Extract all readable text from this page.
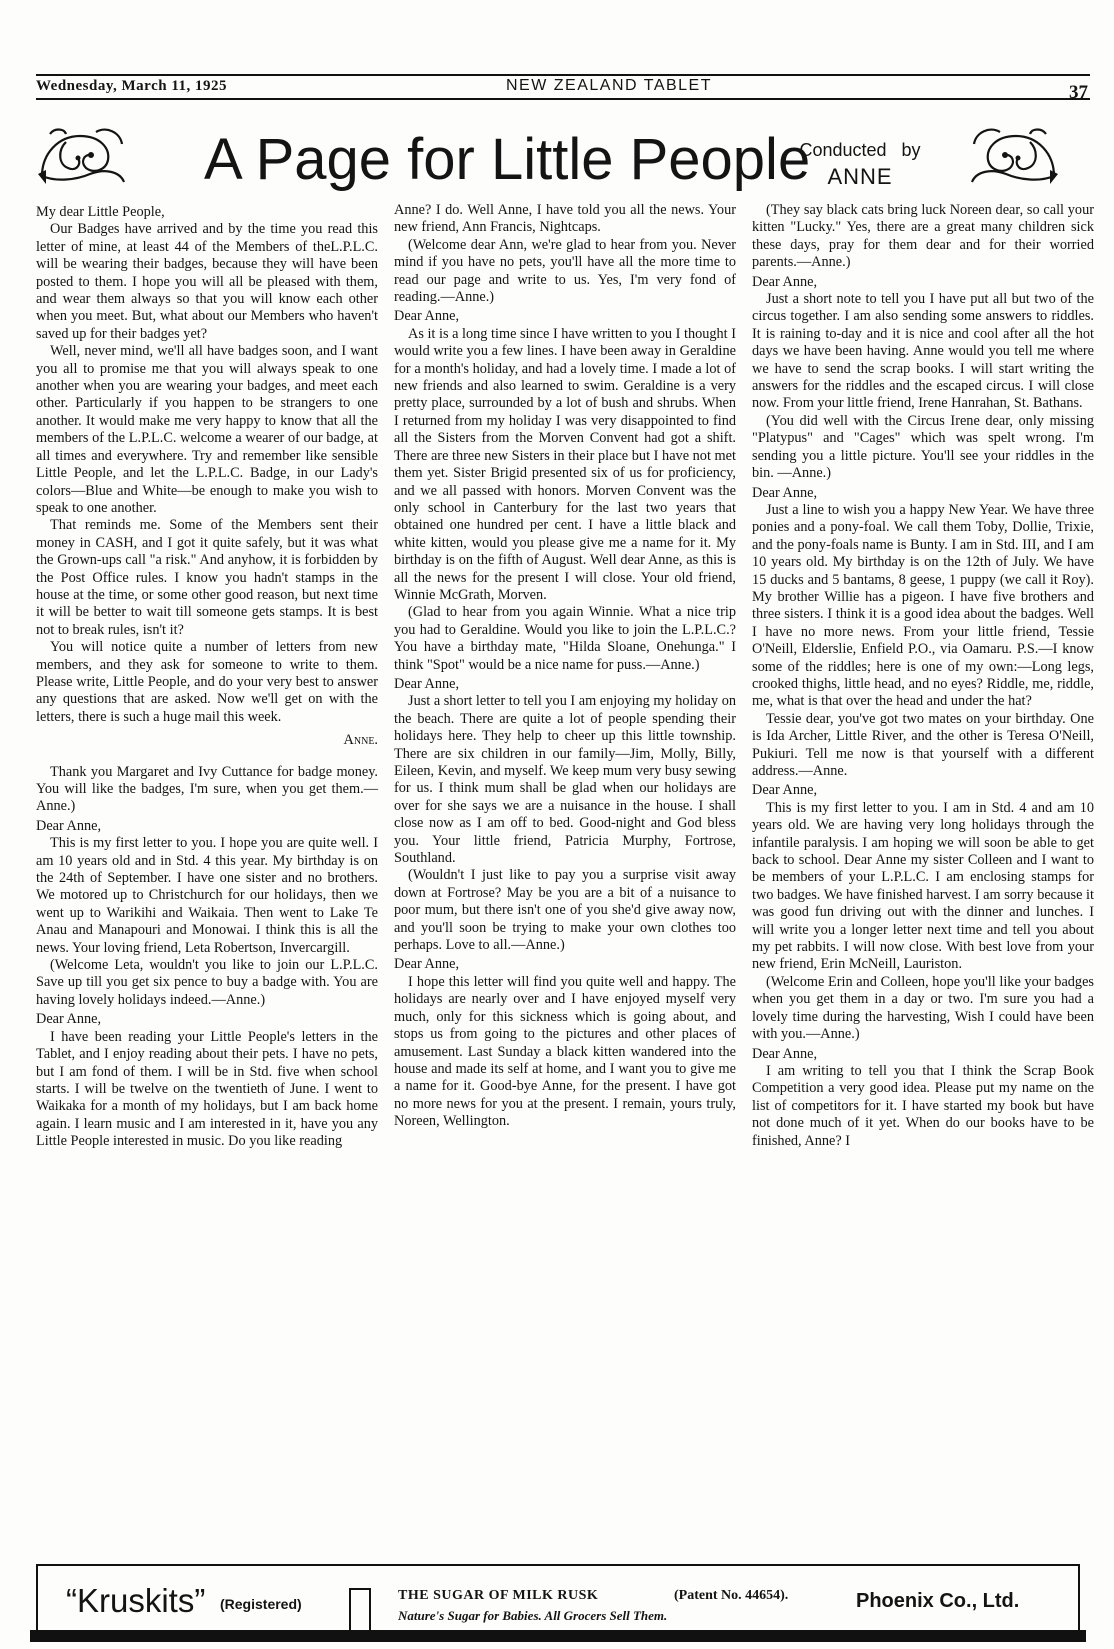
Wednesday, March 11, 1925	NEW ZEALAND TABLET	37
A Page for Little People
Conducted by
ANNE

My dear Little People,

Our Badges have arrived and by the time you read this letter of mine, at least 44 of the Members of theL.P.L.C. will be wearing their badges, because they will have been posted to them. I hope you will all be pleased with them, and wear them always so that you will know each other when you meet. But, what about our Members who haven't saved up for their badges yet?

Well, never mind, we'll all have badges soon, and I want you all to promise me that you will always speak to one another when you are wearing your badges, and meet each other. Particularly if you happen to be strangers to one another. It would make me very happy to know that all the members of the L.P.L.C. welcome a wearer of our badge, at all times and everywhere. Try and remember like sensible Little People, and let the L.P.L.C. Badge, in our Lady's colors—Blue and White—be enough to make you wish to speak to one another.

That reminds me. Some of the Members sent their money in CASH, and I got it quite safely, but it was what the Grown-ups call "a risk." And anyhow, it is forbidden by the Post Office rules. I know you hadn't stamps in the house at the time, or some other good reason, but next time it will be better to wait till someone gets stamps. It is best not to break rules, isn't it?

You will notice quite a number of letters from new members, and they ask for someone to write to them. Please write, Little People, and do your very best to answer any questions that are asked. Now we'll get on with the letters, there is such a huge mail this week.

Anne.

Thank you Margaret and Ivy Cuttance for badge money. You will like the badges, I'm sure, when you get them.—Anne.)

Dear Anne,

This is my first letter to you. I hope you are quite well. I am 10 years old and in Std. 4 this year. My birthday is on the 24th of September. I have one sister and no brothers. We motored up to Christchurch for our holidays, then we went up to Warikihi and Waikaia. Then went to Lake Te Anau and Manapouri and Monowai. I think this is all the news. Your loving friend, Leta Robertson, Invercargill.

(Welcome Leta, wouldn't you like to join our L.P.L.C. Save up till you get six pence to buy a badge with. You are having lovely holidays indeed.—Anne.)

Dear Anne,

I have been reading your Little People's letters in the Tablet, and I enjoy reading about their pets. I have no pets, but I am fond of them. I will be in Std. five when school starts. I will be twelve on the twentieth of June. I went to Waikaka for a month of my holidays, but I am back home again. I learn music and I am interested in it, have you any Little People interested in music. Do you like reading

Anne? I do. Well Anne, I have told you all the news. Your new friend, Ann Francis, Nightcaps.

(Welcome dear Ann, we're glad to hear from you. Never mind if you have no pets, you'll have all the more time to read our page and write to us. Yes, I'm very fond of reading.—Anne.)

Dear Anne,

As it is a long time since I have written to you I thought I would write you a few lines. I have been away in Geraldine for a month's holiday, and had a lovely time. I made a lot of new friends and also learned to swim. Geraldine is a very pretty place, surrounded by a lot of bush and shrubs. When I returned from my holiday I was very disappointed to find all the Sisters from the Morven Convent had got a shift. There are three new Sisters in their place but I have not met them yet. Sister Brigid presented six of us for proficiency, and we all passed with honors. Morven Convent was the only school in Canterbury for the last two years that obtained one hundred per cent. I have a little black and white kitten, would you please give me a name for it. My birthday is on the fifth of August. Well dear Anne, as this is all the news for the present I will close. Your old friend, Winnie McGrath, Morven.

(Glad to hear from you again Winnie. What a nice trip you had to Geraldine. Would you like to join the L.P.L.C.? You have a birthday mate, "Hilda Sloane, Onehunga." I think "Spot" would be a nice name for puss.—Anne.)

Dear Anne,

Just a short letter to tell you I am enjoying my holiday on the beach. There are quite a lot of people spending their holidays here. They help to cheer up this little township. There are six children in our family—Jim, Molly, Billy, Eileen, Kevin, and myself. We keep mum very busy sewing for us. I think mum shall be glad when our holidays are over for she says we are a nuisance in the house. I shall close now as I am off to bed. Good-night and God bless you. Your little friend, Patricia Murphy, Fortrose, Southland.

(Wouldn't I just like to pay you a surprise visit away down at Fortrose? May be you are a bit of a nuisance to poor mum, but there isn't one of you she'd give away now, and you'll soon be trying to make your own clothes too perhaps. Love to all.—Anne.)

Dear Anne,

I hope this letter will find you quite well and happy. The holidays are nearly over and I have enjoyed myself very much, only for this sickness which is going about, and stops us from going to the pictures and other places of amusement. Last Sunday a black kitten wandered into the house and made its self at home, and I want you to give me a name for it. Good-bye Anne, for the present. I have got no more news for you at the present. I remain, yours truly, Noreen, Wellington.

(They say black cats bring luck Noreen dear, so call your kitten "Lucky." Yes, there are a great many children sick these days, pray for them dear and for their worried parents.—Anne.)

Dear Anne,

Just a short note to tell you I have put all but two of the circus together. I am also sending some answers to riddles. It is raining to-day and it is nice and cool after all the hot days we have been having. Anne would you tell me where we have to send the scrap books. I will start writing the answers for the riddles and the escaped circus. I will close now. From your little friend, Irene Hanrahan, St. Bathans.

(You did well with the Circus Irene dear, only missing "Platypus" and "Cages" which was spelt wrong. I'm sending you a little picture. You'll see your riddles in the bin. —Anne.)

Dear Anne,

Just a line to wish you a happy New Year. We have three ponies and a pony-foal. We call them Toby, Dollie, Trixie, and the pony-foals name is Bunty. I am in Std. III, and I am 10 years old. My birthday is on the 12th of July. We have 15 ducks and 5 bantams, 8 geese, 1 puppy (we call it Roy). My brother Willie has a pigeon. I have five brothers and three sisters. I think it is a good idea about the badges. Well I have no more news. From your little friend, Tessie O'Neill, Elderslie, Enfield P.O., via Oamaru. P.S.—I know some of the riddles; here is one of my own:—Long legs, crooked thighs, little head, and no eyes? Riddle, me, riddle, me, what is that over the head and under the hat?

Tessie dear, you've got two mates on your birthday. One is Ida Archer, Little River, and the other is Teresa O'Neill, Pukiuri. Tell me now is that yourself with a different address.—Anne.

Dear Anne,

This is my first letter to you. I am in Std. 4 and am 10 years old. We are having very long holidays through the infantile paralysis. I am hoping we will soon be able to get back to school. Dear Anne my sister Colleen and I want to be members of your L.P.L.C. I am enclosing stamps for two badges. We have finished harvest. I am sorry because it was good fun driving out with the dinner and lunches. I will write you a longer letter next time and tell you about my pet rabbits. I will now close. With best love from your new friend, Erin McNeill, Lauriston.

(Welcome Erin and Colleen, hope you'll like your badges when you get them in a day or two. I'm sure you had a lovely time during the harvesting, Wish I could have been with you.—Anne.)

Dear Anne,

I am writing to tell you that I think the Scrap Book Competition a very good idea. Please put my name on the list of competitors for it. I have started my book but have not done much of it yet. When do our books have to be finished, Anne? I

“Kruskits” (Registered)
THE SUGAR OF MILK RUSK	(Patent No. 44654).
Nature's Sugar for Babies. All Grocers Sell Them.
Phoenix Co., Ltd.
